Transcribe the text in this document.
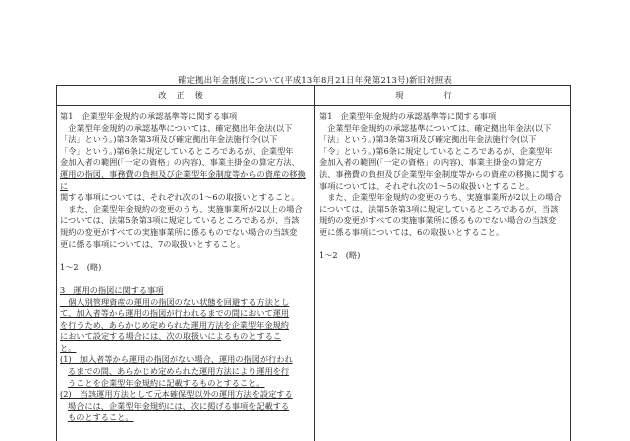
確定拠出年金制度について(平成13年8月21日年発第213号)新旧対照表
改正後	現行

第1　企業型年金規約の承認基準等に関する事項

　企業型年金規約の承認基準については、確定拠出年金法(以下

「法」という。)第3条第3項及び確定拠出年金法施行令(以下

「令」という。)第6条に規定しているところであるが、企業型年

金加入者の範囲(「一定の資格」の内容)、事業主掛金の算定方法、

運用の指図、事務費の負担及び企業型年金制度等からの資産の移換に

関する事項については、それぞれ次の1～6の取扱いとすること。

　また、企業型年金規約の変更のうち、実施事業所が2以上の場合

については、法第5条第3項に規定しているところであるが、当該

規約の変更がすべての実施事業所に係るものでない場合の当該変

更に係る事項については、7の取扱いとすること。

1～2　(略)

3　運用の指図に関する事項

　個人別管理資産の運用の指図のない状態を回避する方法とし

て、加入者等から運用の指図が行われるまでの間において運用

を行うため、あらかじめ定められた運用方法を企業型年金規約

において設定する場合には、次の取扱いによるものとするこ

と。

(1)　加入者等から運用の指図がない場合、運用の指図が行われ

るまでの間、あらかじめ定められた運用方法により運用を行

うことを企業型年金規約に記載するものとすること。

(2)　当該運用方法として元本確保型以外の運用方法を設定する

場合には、企業型年金規約には、次に掲げる事項を記載する

ものとすること。

第1　企業型年金規約の承認基準等に関する事項

　企業型年金規約の承認基準については、確定拠出年金法(以下

「法」という。)第3条第3項及び確定拠出年金法施行令(以下

「令」という。)第6条に規定しているところであるが、企業型年

金加入者の範囲(「一定の資格」の内容)、事業主掛金の算定方

法、事務費の負担及び企業型年金制度等からの資産の移換に関する

事項については、それぞれ次の1～5の取扱いとすること。

　また、企業型年金規約の変更のうち、実施事業所が2以上の場合

については、法第5条第3項に規定しているところであるが、当該

規約の変更がすべての実施事業所に係るものでない場合の当該変

更に係る事項については、6の取扱いとすること。

1～2　(略)
